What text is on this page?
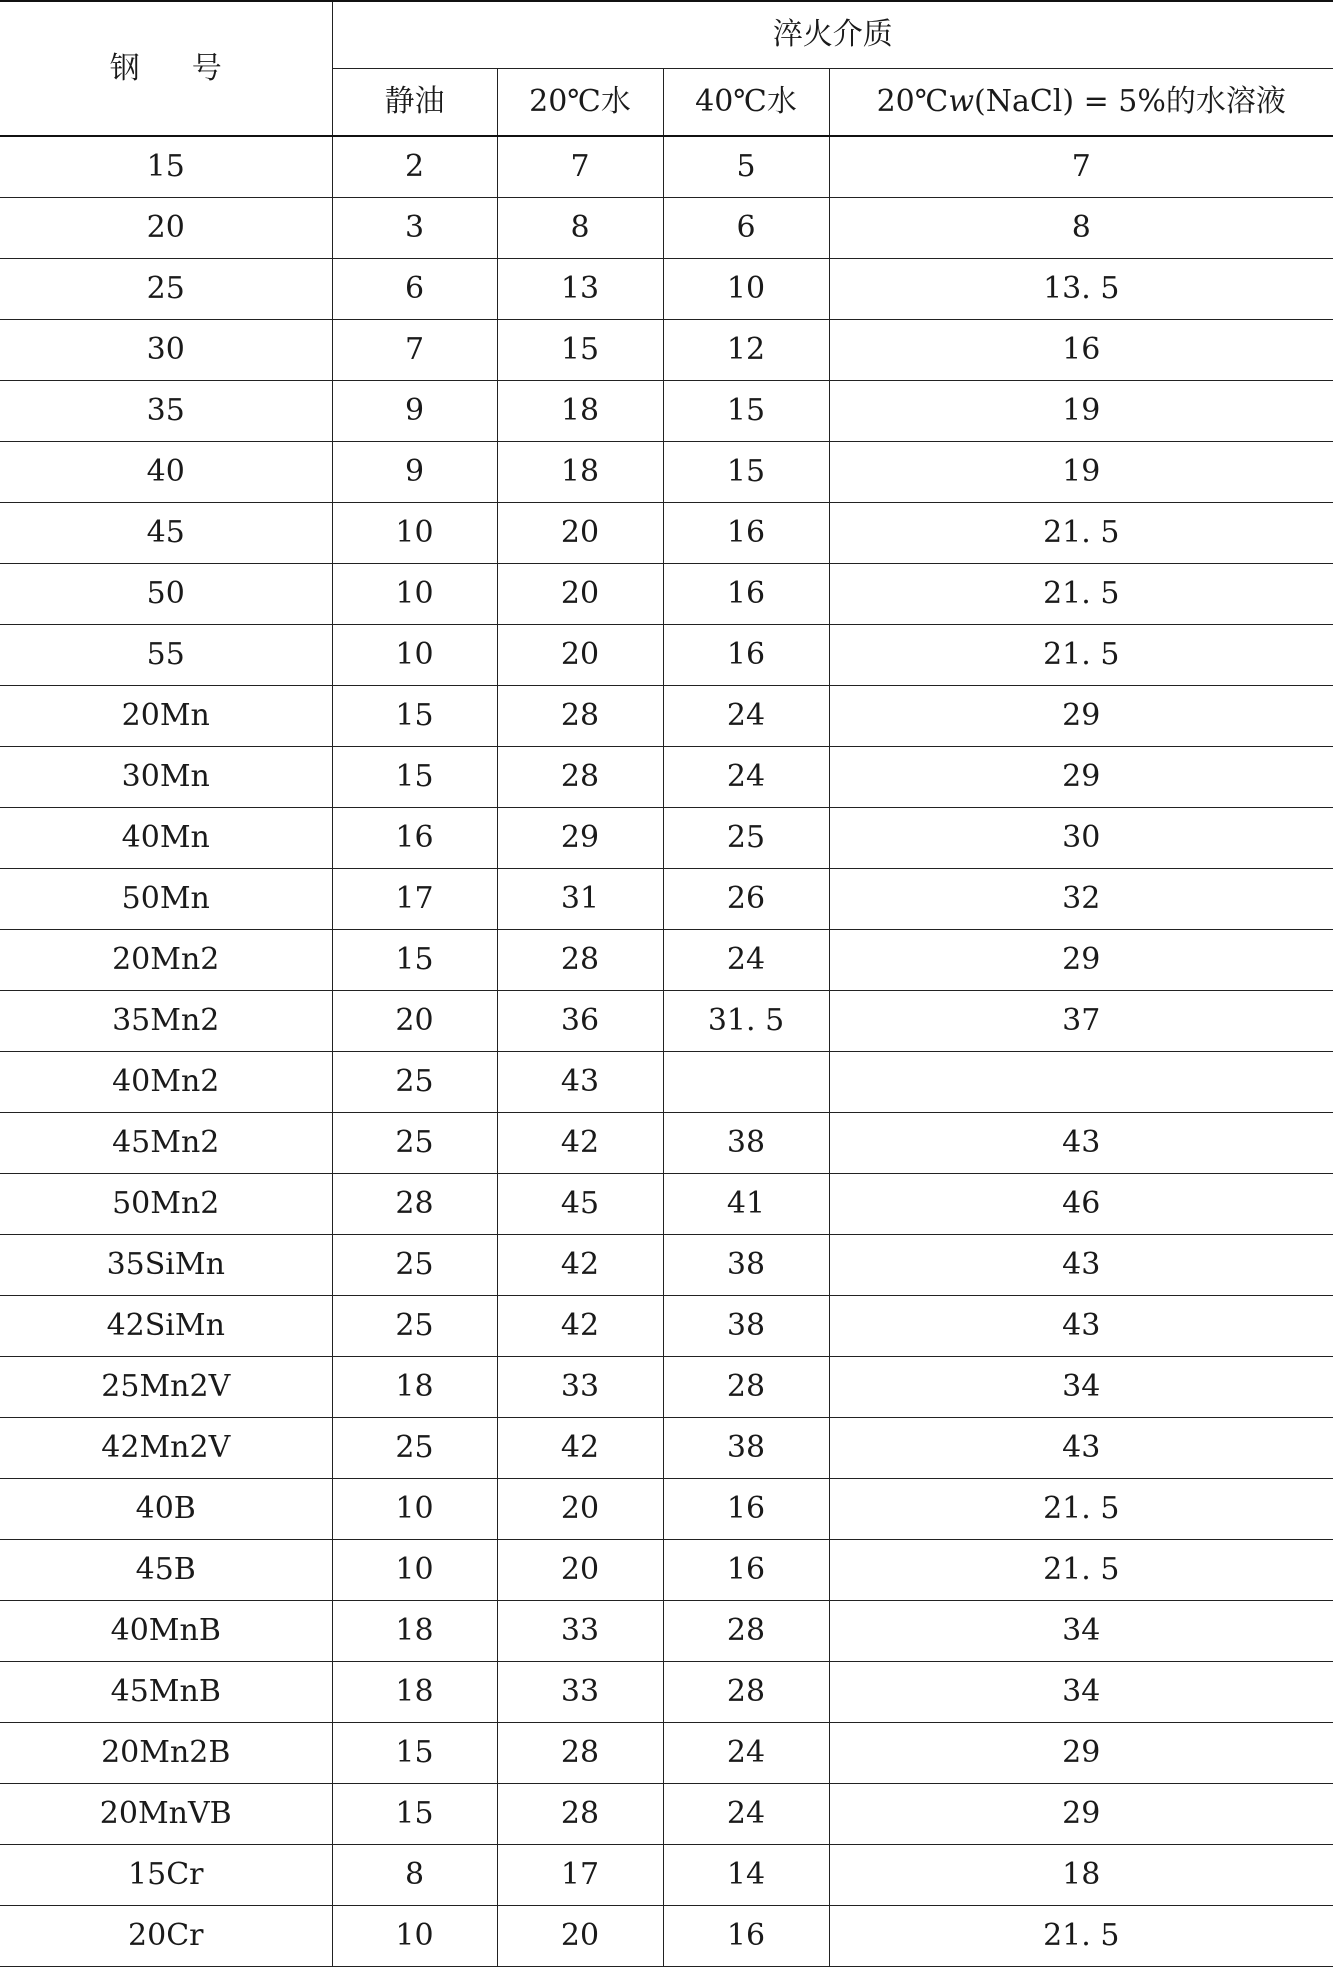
钢号	淬火介质			
	静油	20℃水	40℃水	20℃w(NaCl) = 5%的水溶液
15	2	7	5	7
20	3	8	6	8
25	6	13	10	13. 5
30	7	15	12	16
35	9	18	15	19
40	9	18	15	19
45	10	20	16	21. 5
50	10	20	16	21. 5
55	10	20	16	21. 5
20Mn	15	28	24	29
30Mn	15	28	24	29
40Mn	16	29	25	30
50Mn	17	31	26	32
20Mn2	15	28	24	29
35Mn2	20	36	31. 5	37
40Mn2	25	43		
45Mn2	25	42	38	43
50Mn2	28	45	41	46
35SiMn	25	42	38	43
42SiMn	25	42	38	43
25Mn2V	18	33	28	34
42Mn2V	25	42	38	43
40B	10	20	16	21. 5
45B	10	20	16	21. 5
40MnB	18	33	28	34
45MnB	18	33	28	34
20Mn2B	15	28	24	29
20MnVB	15	28	24	29
15Cr	8	17	14	18
20Cr	10	20	16	21. 5
